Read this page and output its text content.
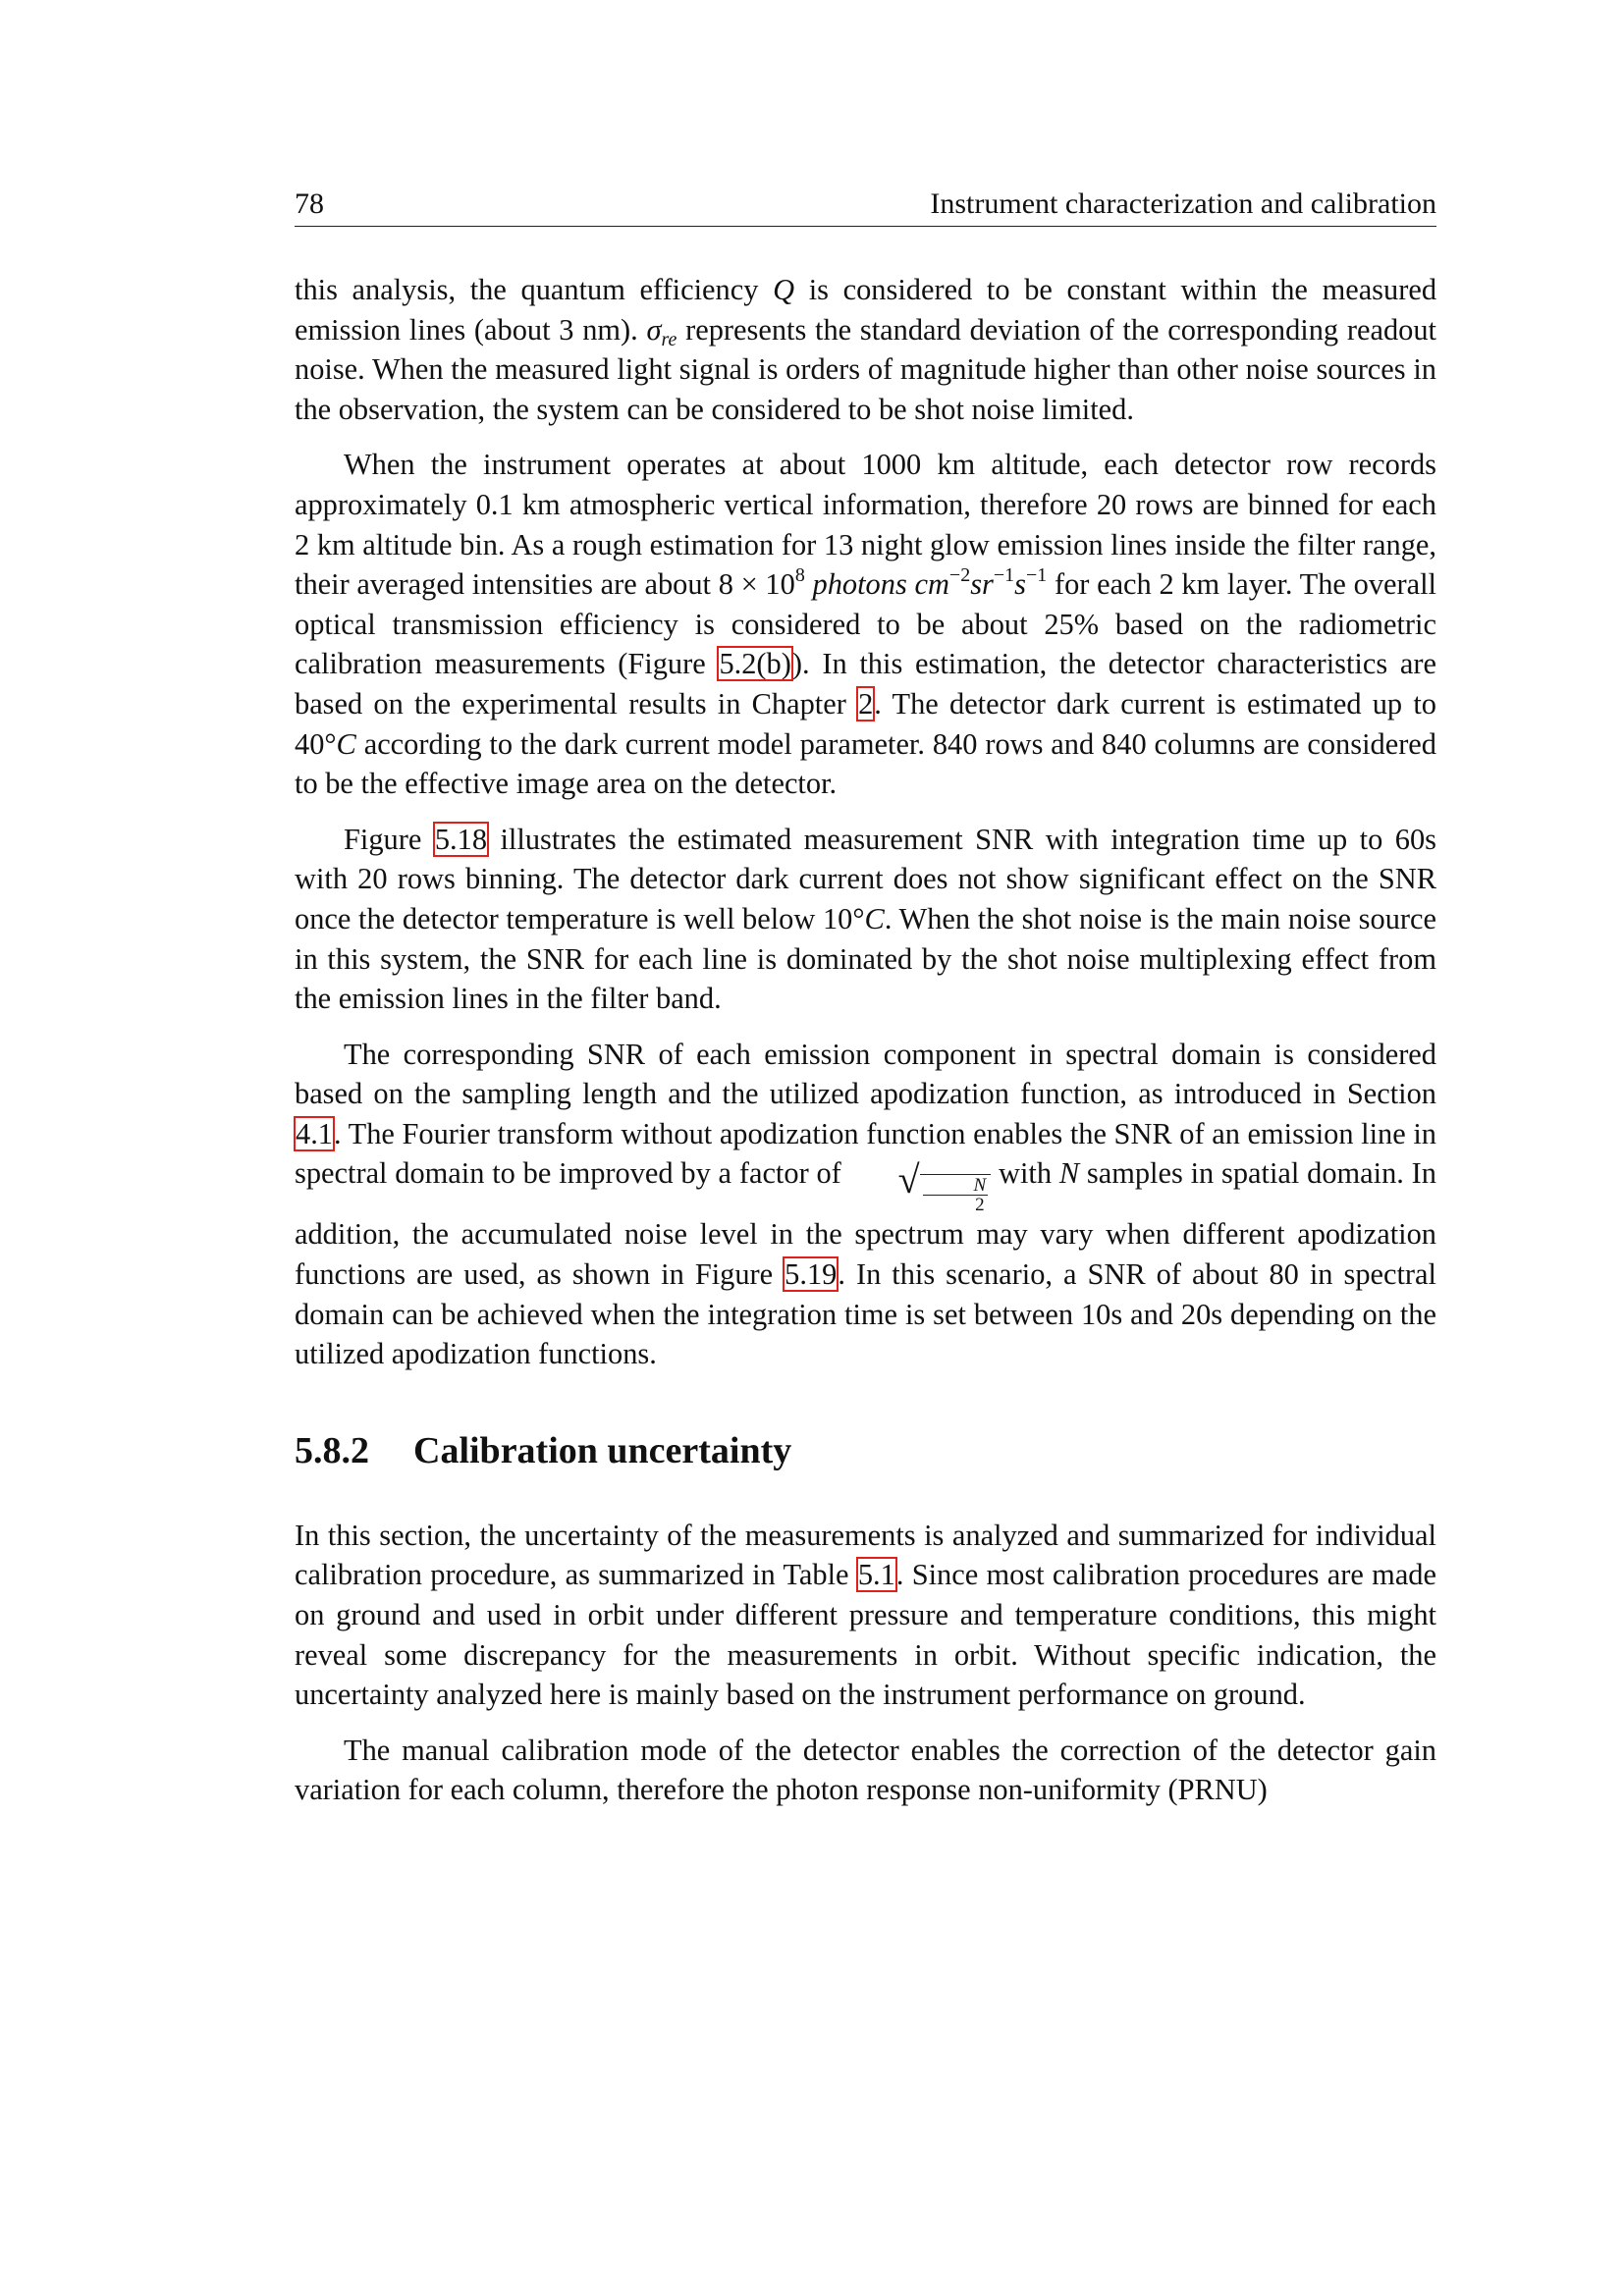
78	Instrument characterization and calibration

this analysis, the quantum efficiency Q is considered to be constant within the measured emission lines (about 3 nm). $\sigma_{re}$ represents the standard deviation of the corresponding readout noise. When the measured light signal is orders of magnitude higher than other noise sources in the observation, the system can be considered to be shot noise limited.

When the instrument operates at about 1000 km altitude, each detector row records approximately 0.1 km atmospheric vertical information, therefore 20 rows are binned for each 2 km altitude bin. As a rough estimation for 13 night glow emission lines inside the filter range, their averaged intensities are about $8 \times 10^8$ photons $cm^{-2}sr^{-1}s^{-1}$ for each 2 km layer. The overall optical transmission efficiency is considered to be about 25% based on the radiometric calibration measurements (Figure 5.2(b)). In this estimation, the detector characteristics are based on the experimental results in Chapter 2. The detector dark current is estimated up to 40°C according to the dark current model parameter. 840 rows and 840 columns are considered to be the effective image area on the detector.

Figure 5.18 illustrates the estimated measurement SNR with integration time up to 60s with 20 rows binning. The detector dark current does not show significant effect on the SNR once the detector temperature is well below 10°C. When the shot noise is the main noise source in this system, the SNR for each line is dominated by the shot noise multiplexing effect from the emission lines in the filter band.

The corresponding SNR of each emission component in spectral domain is considered based on the sampling length and the utilized apodization function, as introduced in Section 4.1. The Fourier transform without apodization function enables the SNR of an emission line in spectral domain to be improved by a factor of √ $\frac{N}{2}$
with N samples in spatial domain. In addition, the accumulated noise level in the spectrum may vary when different apodization functions are used, as shown in Figure 5.19. In this scenario, a SNR of about 80 in spectral domain can be achieved when the integration time is set between 10s and 20s depending on the utilized apodization functions.

5.8.2 Calibration uncertainty

In this section, the uncertainty of the measurements is analyzed and summarized for individual calibration procedure, as summarized in Table 5.1. Since most calibration procedures are made on ground and used in orbit under different pressure and temperature conditions, this might reveal some discrepancy for the measurements in orbit. Without specific indication, the uncertainty analyzed here is mainly based on the instrument performance on ground.

The manual calibration mode of the detector enables the correction of the detector gain variation for each column, therefore the photon response non-uniformity (PRNU)
